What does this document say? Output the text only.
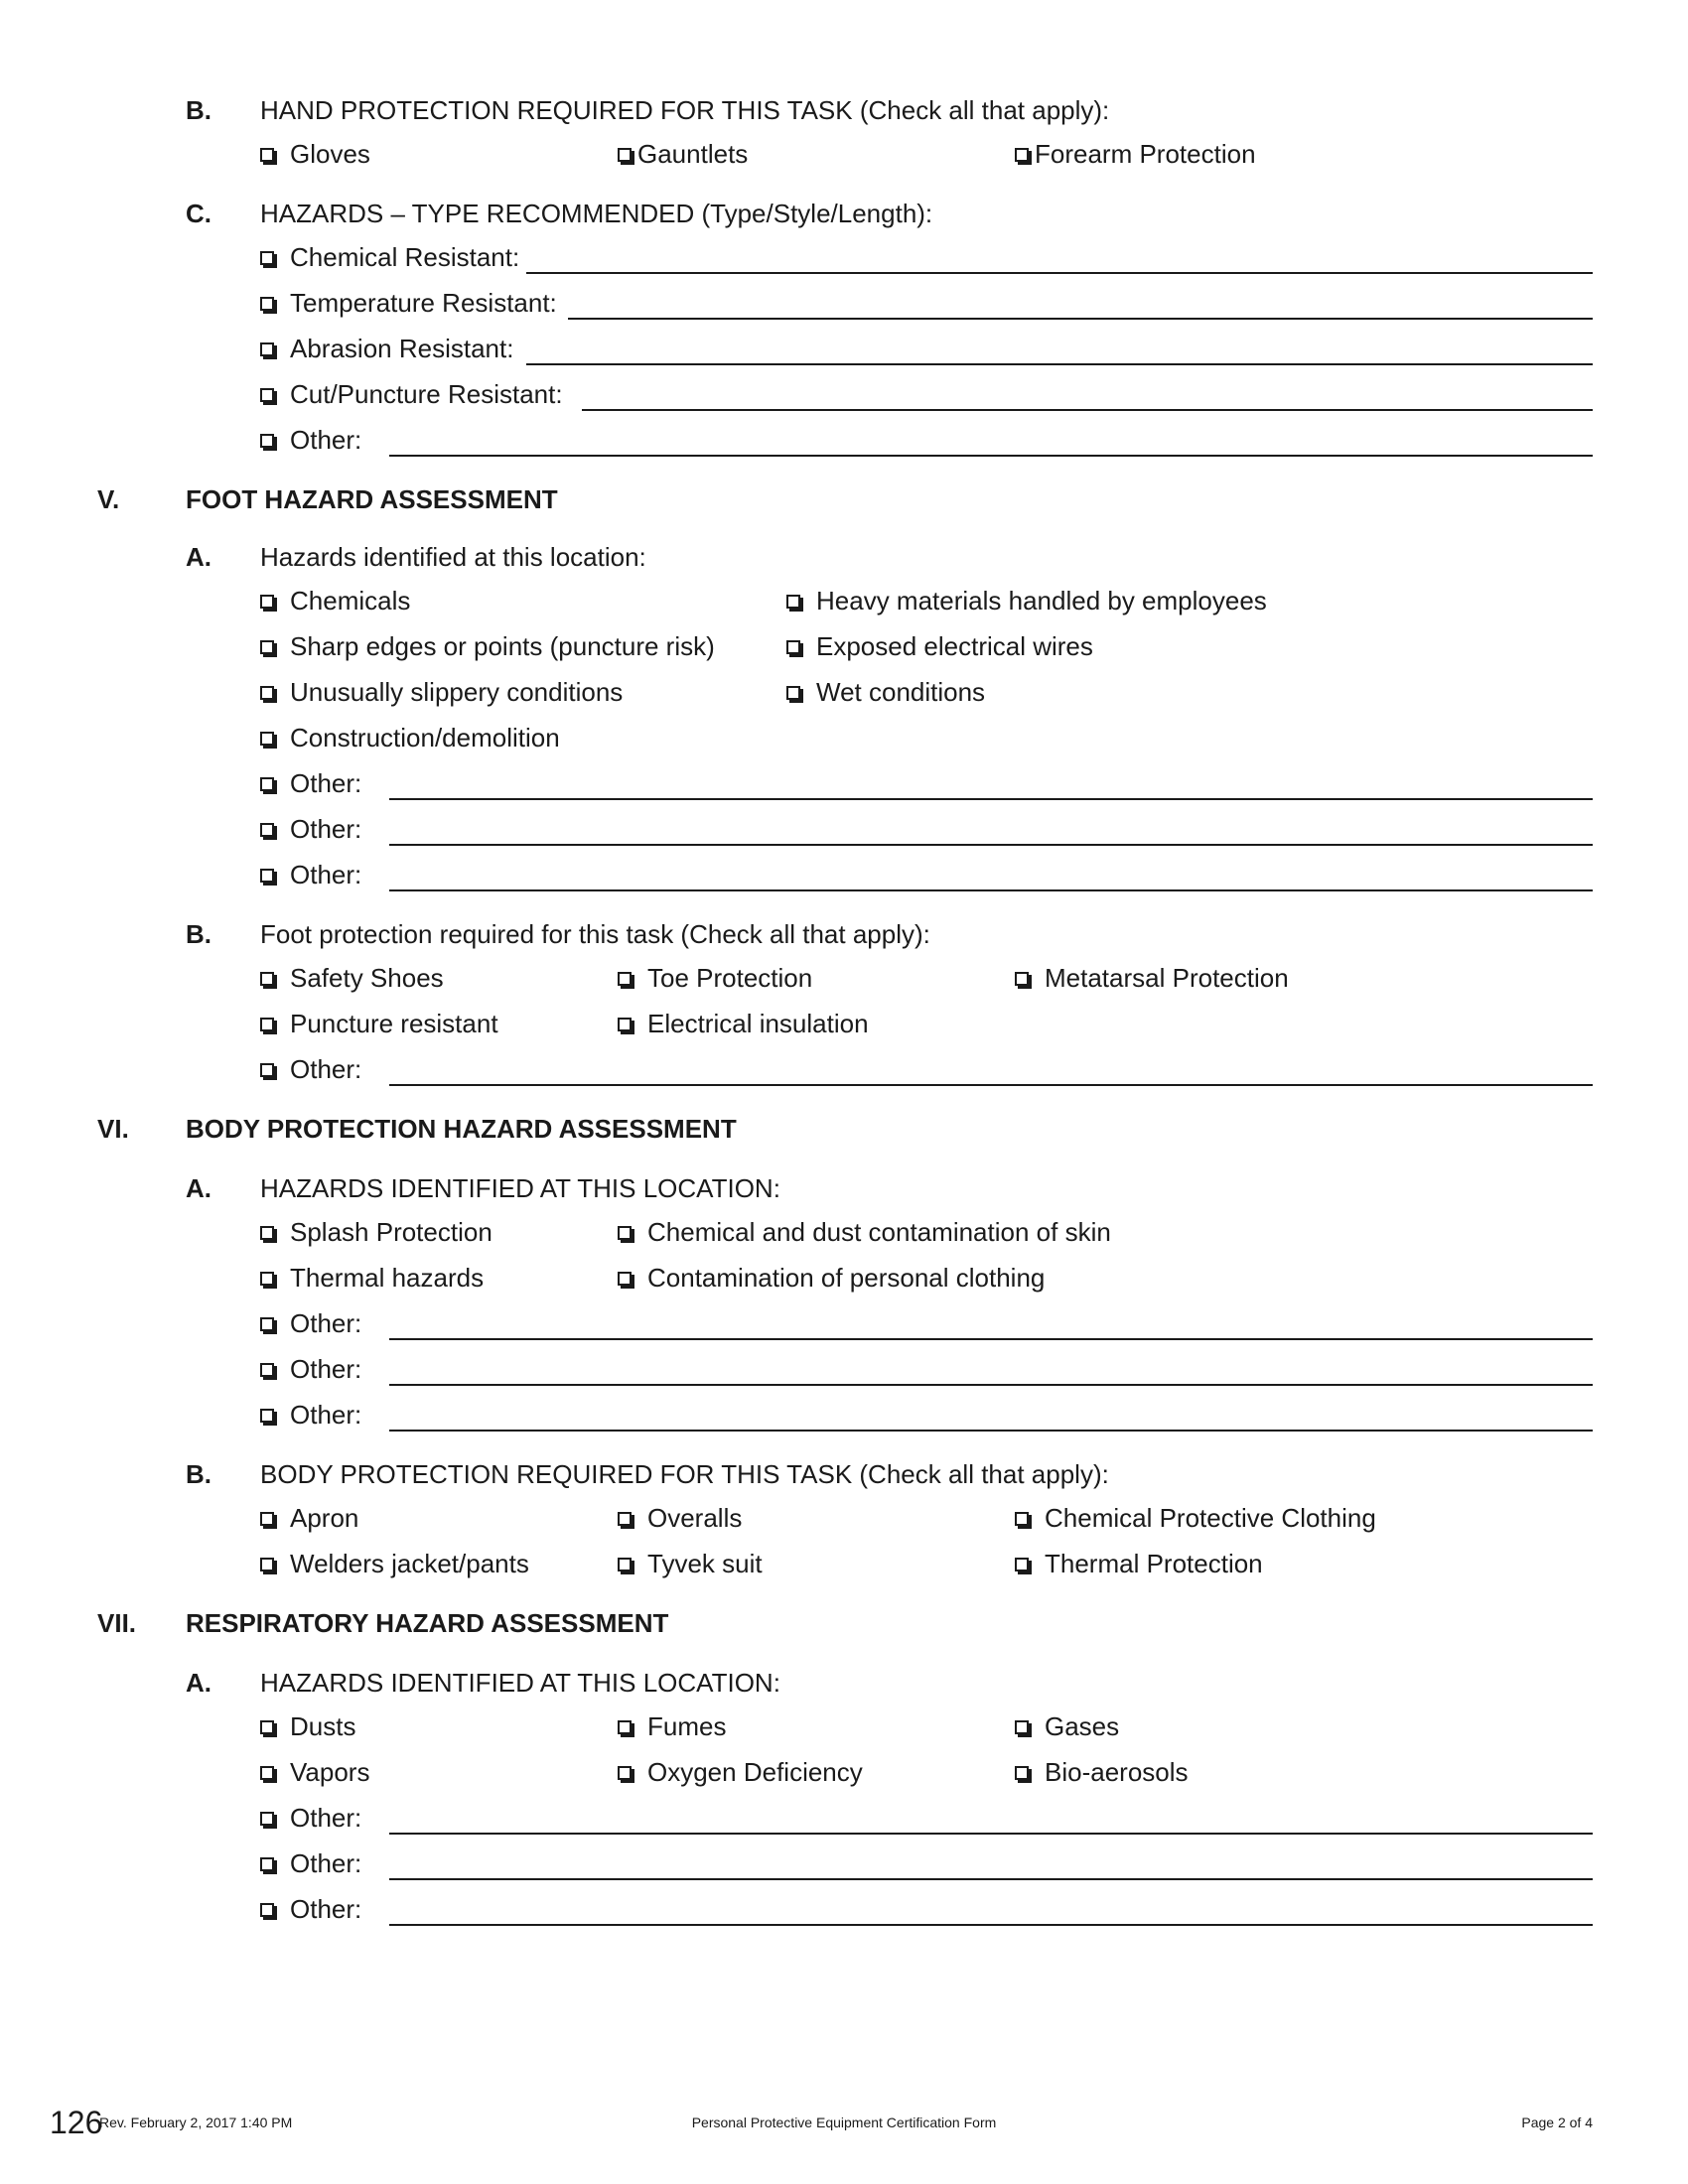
B. HAND PROTECTION REQUIRED FOR THIS TASK (Check all that apply):
Gloves	Gauntlets	Forearm Protection
C. HAZARDS – TYPE RECOMMENDED (Type/Style/Length):
Chemical Resistant:
Temperature Resistant:
Abrasion Resistant:
Cut/Puncture Resistant:
Other:
V.	FOOT HAZARD ASSESSMENT
A. Hazards identified at this location:
Chemicals	Heavy materials handled by employees
Sharp edges or points (puncture risk)	Exposed electrical wires
Unusually slippery conditions	Wet conditions
Construction/demolition
Other:
Other:
Other:
B. Foot protection required for this task (Check all that apply):
Safety Shoes	Toe Protection	Metatarsal Protection
Puncture resistant	Electrical insulation
Other:
VI. BODY PROTECTION HAZARD ASSESSMENT
A. HAZARDS IDENTIFIED AT THIS LOCATION:
Splash Protection	Chemical and dust contamination of skin
Thermal hazards	Contamination of personal clothing
Other:
Other:
Other:
B. BODY PROTECTION REQUIRED FOR THIS TASK (Check all that apply):
Apron	Overalls	Chemical Protective Clothing
Welders jacket/pants	Tyvek suit	Thermal Protection
VII. RESPIRATORY HAZARD ASSESSMENT
A. HAZARDS IDENTIFIED AT THIS LOCATION:
Dusts	Fumes	Gases
Vapors	Oxygen Deficiency	Bio-aerosols
Other:
Other:
Other:
126
Rev. February 2, 2017 1:40 PM	Personal Protective Equipment Certification Form	Page 2 of 4
